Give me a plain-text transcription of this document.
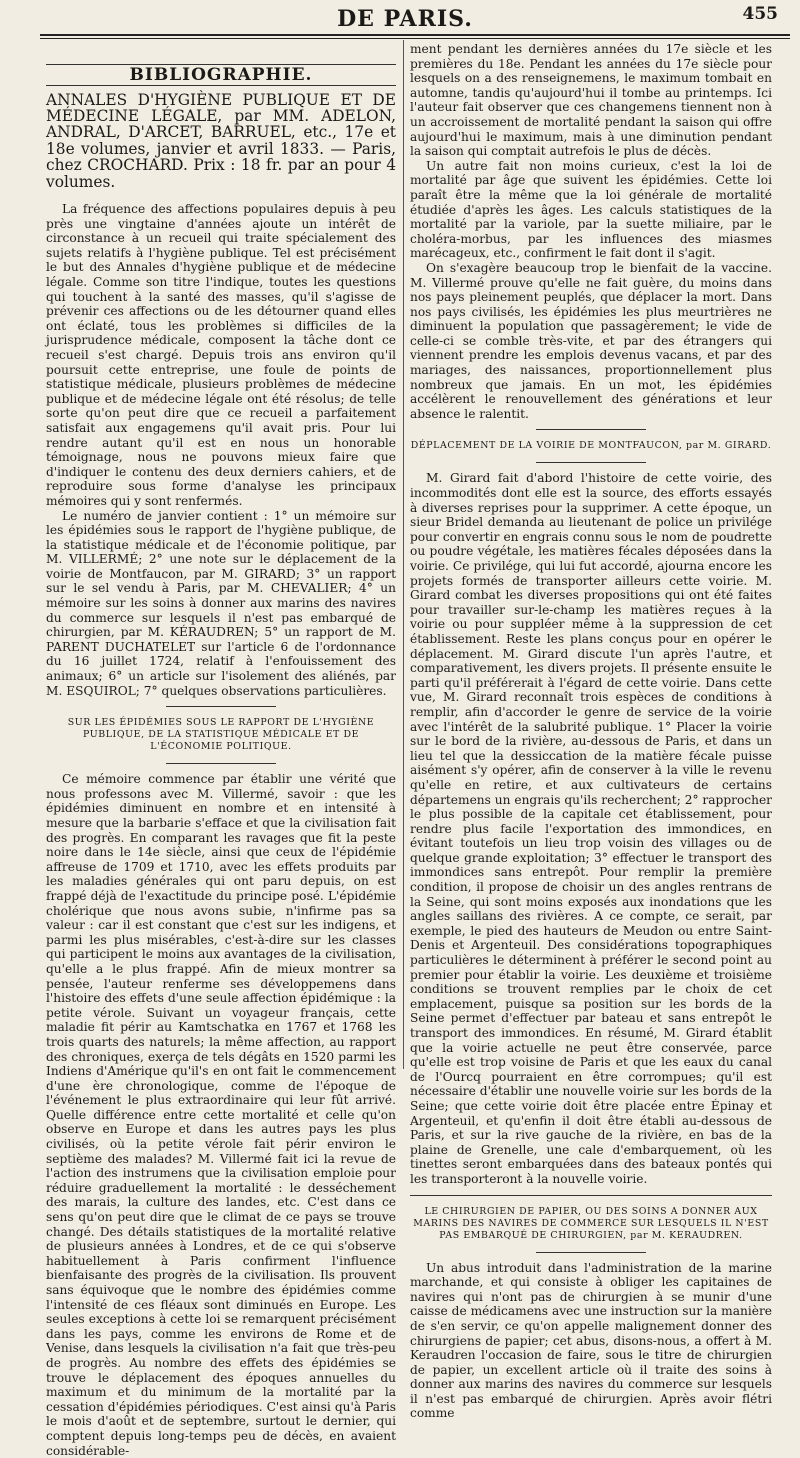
DE PARIS.	455
BIBLIOGRAPHIE.
ANNALES D'HYGIÈNE PUBLIQUE ET DE MÉDECINE LÉGALE, par MM. ADELON, ANDRAL, D'ARCET, BARRUEL, etc., 17e et 18e volumes, janvier et avril 1833. — Paris, chez CROCHARD. Prix : 18 fr. par an pour 4 volumes.

La fréquence des affections populaires depuis à peu près une vingtaine d'années ajoute un intérêt de circonstance à un recueil qui traite spécialement des sujets relatifs à l'hygiène publique. Tel est précisément le but des Annales d'hygiène publique et de médecine légale. Comme son titre l'indique, toutes les questions qui touchent à la santé des masses, qu'il s'agisse de prévenir ces affections ou de les détourner quand elles ont éclaté, tous les problèmes si difficiles de la jurisprudence médicale, composent la tâche dont ce recueil s'est chargé. Depuis trois ans environ qu'il poursuit cette entreprise, une foule de points de statistique médicale, plusieurs problèmes de médecine publique et de médecine légale ont été résolus; de telle sorte qu'on peut dire que ce recueil a parfaitement satisfait aux engagemens qu'il avait pris. Pour lui rendre autant qu'il est en nous un honorable témoignage, nous ne pouvons mieux faire que d'indiquer le contenu des deux derniers cahiers, et de reproduire sous forme d'analyse les principaux mémoires qui y sont renfermés.

Le numéro de janvier contient : 1° un mémoire sur les épidémies sous le rapport de l'hygiène publique, de la statistique médicale et de l'économie politique, par M. VILLERMÉ; 2° une note sur le déplacement de la voirie de Montfaucon, par M. GIRARD; 3° un rapport sur le sel vendu à Paris, par M. CHEVALIER; 4° un mémoire sur les soins à donner aux marins des navires du commerce sur lesquels il n'est pas embarqué de chirurgien, par M. KÉRAUDREN; 5° un rapport de M. PARENT DUCHATELET sur l'article 6 de l'ordonnance du 16 juillet 1724, relatif à l'enfouissement des animaux; 6° un article sur l'isolement des aliénés, par M. ESQUIROL; 7° quelques observations particulières.

SUR LES ÉPIDÉMIES SOUS LE RAPPORT DE L'HYGIÈNE PUBLIQUE, DE LA STATISTIQUE MÉDICALE ET DE L'ÉCONOMIE POLITIQUE.

Ce mémoire commence par établir une vérité que nous professons avec M. Villermé, savoir : que les épidémies diminuent en nombre et en intensité à mesure que la barbarie s'efface et que la civilisation fait des progrès. En comparant les ravages que fit la peste noire dans le 14e siècle, ainsi que ceux de l'épidémie affreuse de 1709 et 1710, avec les effets produits par les maladies générales qui ont paru depuis, on est frappé déjà de l'exactitude du principe posé. L'épidémie cholérique que nous avons subie, n'infirme pas sa valeur : car il est constant que c'est sur les indigens, et parmi les plus misérables, c'est-à-dire sur les classes qui participent le moins aux avantages de la civilisation, qu'elle a le plus frappé. Afin de mieux montrer sa pensée, l'auteur renferme ses développemens dans l'histoire des effets d'une seule affection épidémique : la petite vérole. Suivant un voyageur français, cette maladie fit périr au Kamtschatka en 1767 et 1768 les trois quarts des naturels; la même affection, au rapport des chroniques, exerça de tels dégâts en 1520 parmi les Indiens d'Amérique qu'il's en ont fait le commencement d'une ère chronologique, comme de l'époque de l'événement le plus extraordinaire qui leur fût arrivé. Quelle différence entre cette mortalité et celle qu'on observe en Europe et dans les autres pays les plus civilisés, où la petite vérole fait périr environ le septième des malades? M. Villermé fait ici la revue de l'action des instrumens que la civilisation emploie pour réduire graduellement la mortalité : le desséchement des marais, la culture des landes, etc. C'est dans ce sens qu'on peut dire que le climat de ce pays se trouve changé. Des détails statistiques de la mortalité relative de plusieurs années à Londres, et de ce qui s'observe habituellement à Paris confirment l'influence bienfaisante des progrès de la civilisation. Ils prouvent sans équivoque que le nombre des épidémies comme l'intensité de ces fléaux sont diminués en Europe. Les seules exceptions à cette loi se remarquent précisément dans les pays, comme les environs de Rome et de Venise, dans lesquels la civilisation n'a fait que très-peu de progrès. Au nombre des effets des épidémies se trouve le déplacement des époques annuelles du maximum et du minimum de la mortalité par la cessation d'épidémies périodiques. C'est ainsi qu'à Paris le mois d'août et de septembre, surtout le dernier, qui comptent depuis long-temps peu de décès, en avaient considérable-

ment pendant les dernières années du 17e siècle et les premières du 18e. Pendant les années du 17e siècle pour lesquels on a des renseignemens, le maximum tombait en automne, tandis qu'aujourd'hui il tombe au printemps. Ici l'auteur fait observer que ces changemens tiennent non à un accroissement de mortalité pendant la saison qui offre aujourd'hui le maximum, mais à une diminution pendant la saison qui comptait autrefois le plus de décès.

Un autre fait non moins curieux, c'est la loi de mortalité par âge que suivent les épidémies. Cette loi paraît être la même que la loi générale de mortalité étudiée d'après les âges. Les calculs statistiques de la mortalité par la variole, par la suette miliaire, par le choléra-morbus, par les influences des miasmes marécageux, etc., confirment le fait dont il s'agit.

On s'exagère beaucoup trop le bienfait de la vaccine. M. Villermé prouve qu'elle ne fait guère, du moins dans nos pays pleinement peuplés, que déplacer la mort. Dans nos pays civilisés, les épidémies les plus meurtrières ne diminuent la population que passagèrement; le vide de celle-ci se comble très-vite, et par des étrangers qui viennent prendre les emplois devenus vacans, et par des mariages, des naissances, proportionnellement plus nombreux que jamais. En un mot, les épidémies accélèrent le renouvellement des générations et leur absence le ralentit.

DÉPLACEMENT DE LA VOIRIE DE MONTFAUCON, par M. GIRARD.

M. Girard fait d'abord l'histoire de cette voirie, des incommodités dont elle est la source, des efforts essayés à diverses reprises pour la supprimer. A cette époque, un sieur Bridel demanda au lieutenant de police un privilége pour convertir en engrais connu sous le nom de poudrette ou poudre végétale, les matières fécales déposées dans la voirie. Ce privilége, qui lui fut accordé, ajourna encore les projets formés de transporter ailleurs cette voirie. M. Girard combat les diverses propositions qui ont été faites pour travailler sur-le-champ les matières reçues à la voirie ou pour suppléer même à la suppression de cet établissement. Reste les plans conçus pour en opérer le déplacement. M. Girard discute l'un après l'autre, et comparativement, les divers projets. Il présente ensuite le parti qu'il préférerait à l'égard de cette voirie. Dans cette vue, M. Girard reconnaît trois espèces de conditions à remplir, afin d'accorder le genre de service de la voirie avec l'intérêt de la salubrité publique. 1° Placer la voirie sur le bord de la rivière, au-dessous de Paris, et dans un lieu tel que la dessiccation de la matière fécale puisse aisément s'y opérer, afin de conserver à la ville le revenu qu'elle en retire, et aux cultivateurs de certains départemens un engrais qu'ils recherchent; 2° rapprocher le plus possible de la capitale cet établissement, pour rendre plus facile l'exportation des immondices, en évitant toutefois un lieu trop voisin des villages ou de quelque grande exploitation; 3° effectuer le transport des immondices sans entrepôt. Pour remplir la première condition, il propose de choisir un des angles rentrans de la Seine, qui sont moins exposés aux inondations que les angles saillans des rivières. A ce compte, ce serait, par exemple, le pied des hauteurs de Meudon ou entre Saint-Denis et Argenteuil. Des considérations topographiques particulières le déterminent à préférer le second point au premier pour établir la voirie. Les deuxième et troisième conditions se trouvent remplies par le choix de cet emplacement, puisque sa position sur les bords de la Seine permet d'effectuer par bateau et sans entrepôt le transport des immondices. En résumé, M. Girard établit que la voirie actuelle ne peut être conservée, parce qu'elle est trop voisine de Paris et que les eaux du canal de l'Ourcq pourraient en être corrompues; qu'il est nécessaire d'établir une nouvelle voirie sur les bords de la Seine; que cette voirie doit être placée entre Épinay et Argenteuil, et qu'enfin il doit être établi au-dessous de Paris, et sur la rive gauche de la rivière, en bas de la plaine de Grenelle, une cale d'embarquement, où les tinettes seront embarquées dans des bateaux pontés qui les transporteront à la nouvelle voirie.

LE CHIRURGIEN DE PAPIER, OU DES SOINS A DONNER AUX MARINS DES NAVIRES DE COMMERCE SUR LESQUELS IL N'EST PAS EMBARQUÉ DE CHIRURGIEN, par M. KERAUDREN.

Un abus introduit dans l'administration de la marine marchande, et qui consiste à obliger les capitaines de navires qui n'ont pas de chirurgien à se munir d'une caisse de médicamens avec une instruction sur la manière de s'en servir, ce qu'on appelle malignement donner des chirurgiens de papier; cet abus, disons-nous, a offert à M. Keraudren l'occasion de faire, sous le titre de chirurgien de papier, un excellent article où il traite des soins à donner aux marins des navires du commerce sur lesquels il n'est pas embarqué de chirurgien. Après avoir flétri comme
